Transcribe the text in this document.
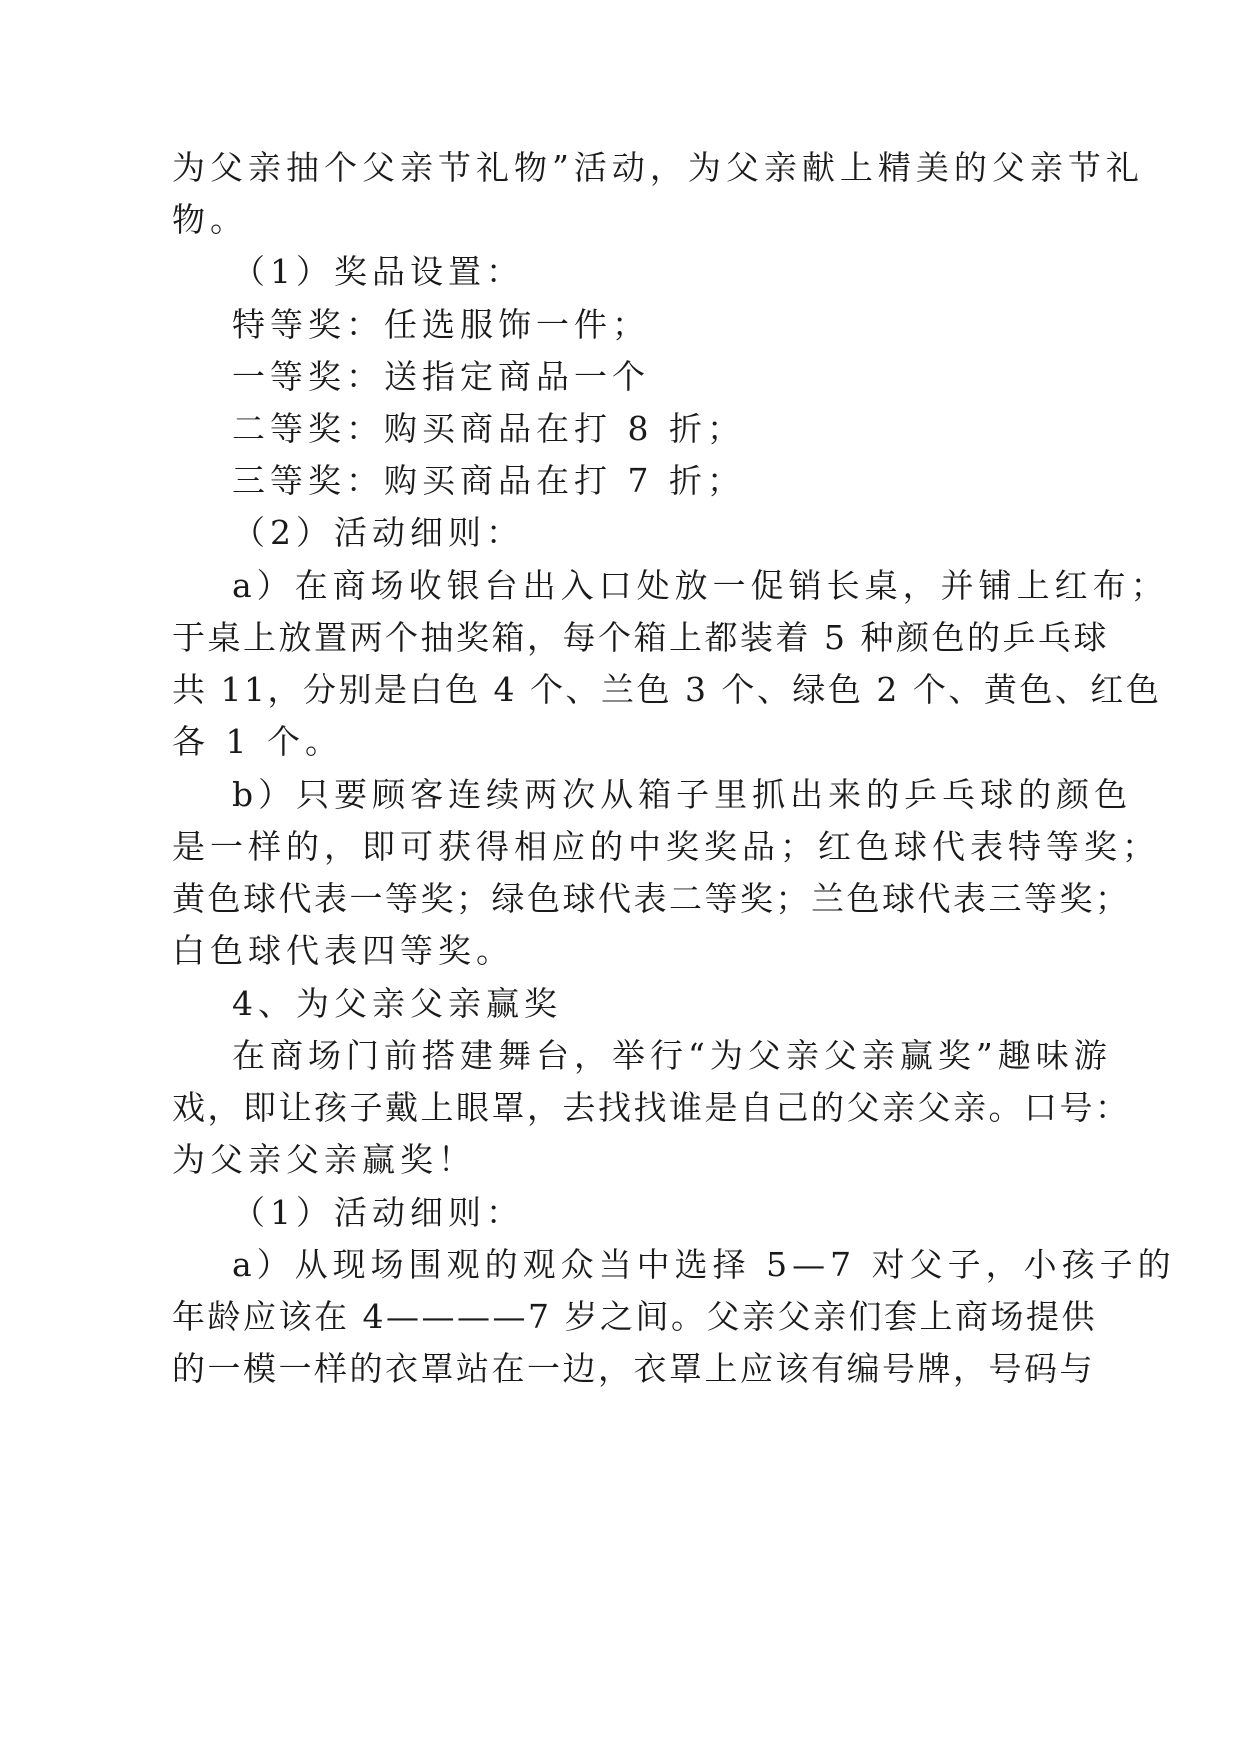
为父亲抽个父亲节礼物”活动，为父亲献上精美的父亲节礼
物。
（1）奖品设置：
特等奖：任选服饰一件；
一等奖：送指定商品一个
二等奖：购买商品在打 8 折；
三等奖：购买商品在打 7 折；
（2）活动细则：
a）在商场收银台出入口处放一促销长桌，并铺上红布；
于桌上放置两个抽奖箱，每个箱上都装着 5 种颜色的乒乓球
共 11，分别是白色 4 个、兰色 3 个、绿色 2 个、黄色、红色
各 1 个。
b）只要顾客连续两次从箱子里抓出来的乒乓球的颜色
是一样的，即可获得相应的中奖奖品；红色球代表特等奖；
黄色球代表一等奖；绿色球代表二等奖；兰色球代表三等奖；
白色球代表四等奖。
4、为父亲父亲赢奖
在商场门前搭建舞台，举行“为父亲父亲赢奖”趣味游
戏，即让孩子戴上眼罩，去找找谁是自己的父亲父亲。口号：
为父亲父亲赢奖！
（1）活动细则：
a）从现场围观的观众当中选择 5—7 对父子，小孩子的
年龄应该在 4————7 岁之间。父亲父亲们套上商场提供
的一模一样的衣罩站在一边，衣罩上应该有编号牌，号码与
